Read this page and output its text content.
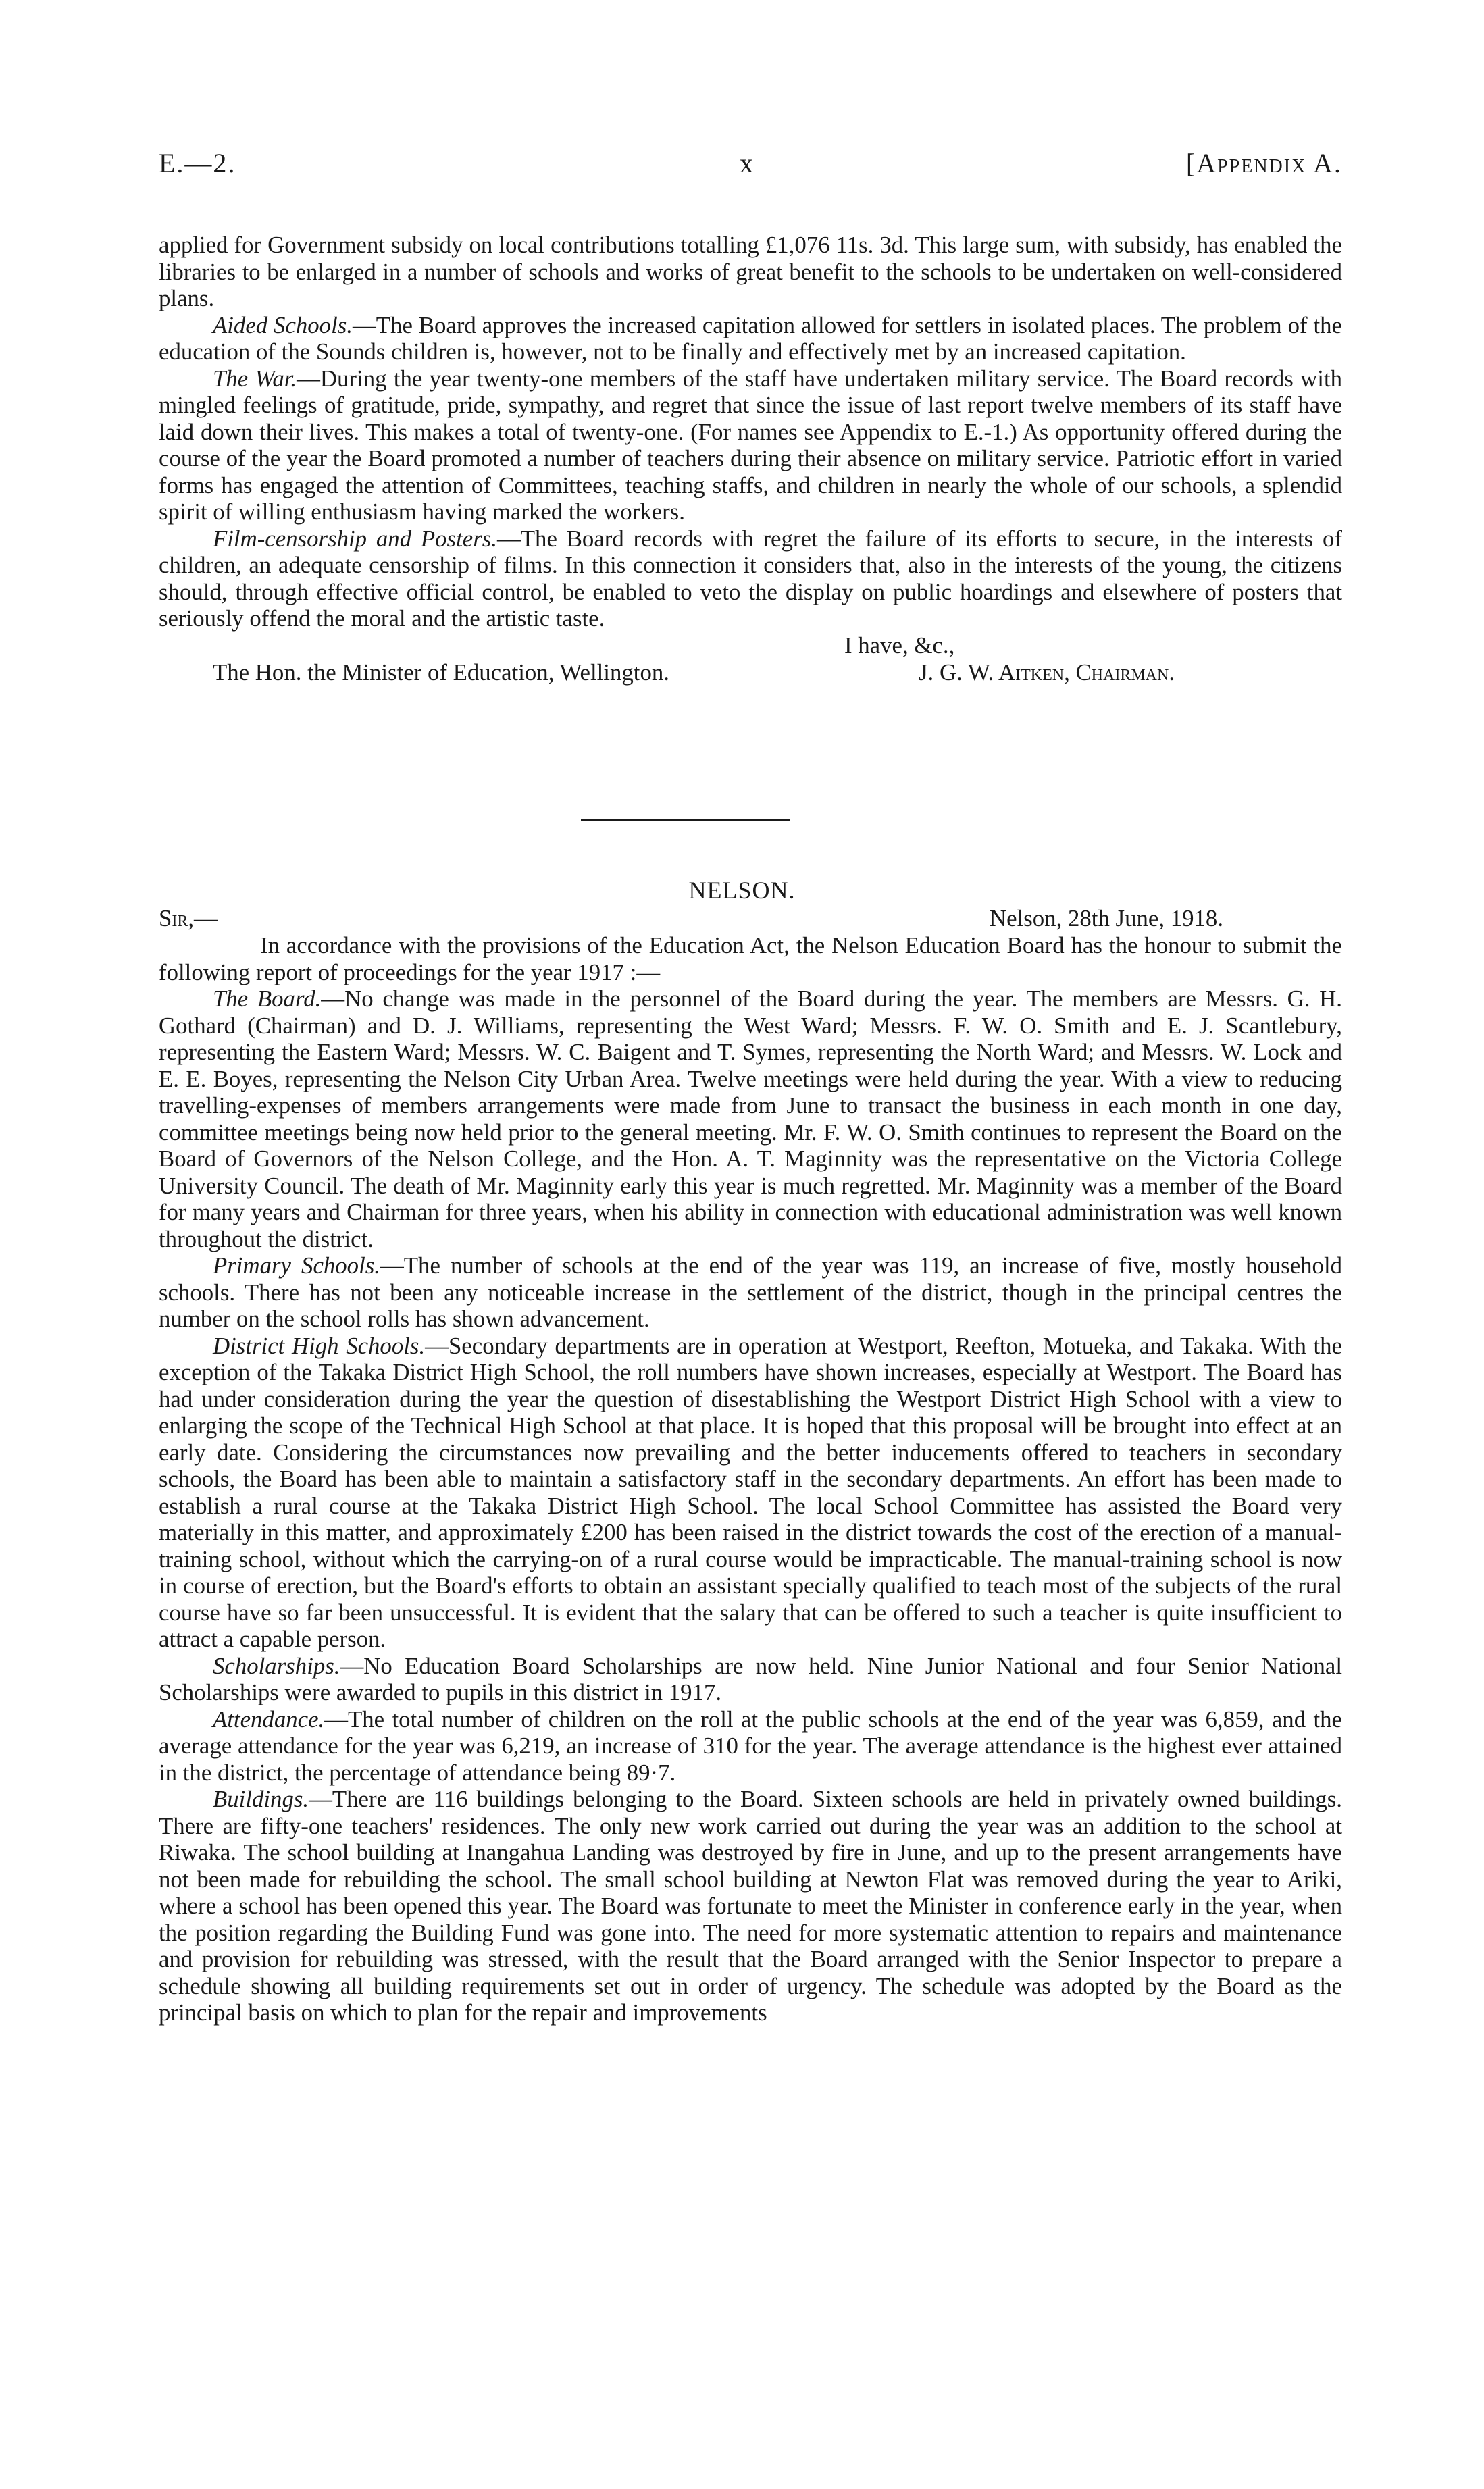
E.—2.	x	[Appendix A.

applied for Government subsidy on local contributions totalling £1,076 11s. 3d. This large sum, with subsidy, has enabled the libraries to be enlarged in a number of schools and works of great benefit to the schools to be undertaken on well-considered plans.

Aided Schools.—The Board approves the increased capitation allowed for settlers in isolated places. The problem of the education of the Sounds children is, however, not to be finally and effectively met by an increased capitation.

The War.—During the year twenty-one members of the staff have undertaken military service. The Board records with mingled feelings of gratitude, pride, sympathy, and regret that since the issue of last report twelve members of its staff have laid down their lives. This makes a total of twenty-one. (For names see Appendix to E.-1.) As opportunity offered during the course of the year the Board promoted a number of teachers during their absence on military service. Patriotic effort in varied forms has engaged the attention of Committees, teaching staffs, and children in nearly the whole of our schools, a splendid spirit of willing enthusiasm having marked the workers.

Film-censorship and Posters.—The Board records with regret the failure of its efforts to secure, in the interests of children, an adequate censorship of films. In this connection it considers that, also in the interests of the young, the citizens should, through effective official control, be enabled to veto the display on public hoardings and elsewhere of posters that seriously offend the moral and the artistic taste.

I have, &c.,
The Hon. the Minister of Education, Wellington.	J. G. W. Aitken, Chairman.
NELSON.
Sir,—	Nelson, 28th June, 1918.

In accordance with the provisions of the Education Act, the Nelson Education Board has the honour to submit the following report of proceedings for the year 1917 :—

The Board.—No change was made in the personnel of the Board during the year. The members are Messrs. G. H. Gothard (Chairman) and D. J. Williams, representing the West Ward; Messrs. F. W. O. Smith and E. J. Scantlebury, representing the Eastern Ward; Messrs. W. C. Baigent and T. Symes, representing the North Ward; and Messrs. W. Lock and E. E. Boyes, representing the Nelson City Urban Area. Twelve meetings were held during the year. With a view to reducing travelling-expenses of members arrangements were made from June to transact the business in each month in one day, committee meetings being now held prior to the general meeting. Mr. F. W. O. Smith continues to represent the Board on the Board of Governors of the Nelson College, and the Hon. A. T. Maginnity was the representative on the Victoria College University Council. The death of Mr. Maginnity early this year is much regretted. Mr. Maginnity was a member of the Board for many years and Chairman for three years, when his ability in connection with educational administration was well known throughout the district.

Primary Schools.—The number of schools at the end of the year was 119, an increase of five, mostly household schools. There has not been any noticeable increase in the settlement of the district, though in the principal centres the number on the school rolls has shown advancement.

District High Schools.—Secondary departments are in operation at Westport, Reefton, Motueka, and Takaka. With the exception of the Takaka District High School, the roll numbers have shown increases, especially at Westport. The Board has had under consideration during the year the question of disestablishing the Westport District High School with a view to enlarging the scope of the Technical High School at that place. It is hoped that this proposal will be brought into effect at an early date. Considering the circumstances now prevailing and the better inducements offered to teachers in secondary schools, the Board has been able to maintain a satisfactory staff in the secondary departments. An effort has been made to establish a rural course at the Takaka District High School. The local School Committee has assisted the Board very materially in this matter, and approximately £200 has been raised in the district towards the cost of the erection of a manual-training school, without which the carrying-on of a rural course would be impracticable. The manual-training school is now in course of erection, but the Board's efforts to obtain an assistant specially qualified to teach most of the subjects of the rural course have so far been unsuccessful. It is evident that the salary that can be offered to such a teacher is quite insufficient to attract a capable person.

Scholarships.—No Education Board Scholarships are now held. Nine Junior National and four Senior National Scholarships were awarded to pupils in this district in 1917.

Attendance.—The total number of children on the roll at the public schools at the end of the year was 6,859, and the average attendance for the year was 6,219, an increase of 310 for the year. The average attendance is the highest ever attained in the district, the percentage of attendance being 89·7.

Buildings.—There are 116 buildings belonging to the Board. Sixteen schools are held in privately owned buildings. There are fifty-one teachers' residences. The only new work carried out during the year was an addition to the school at Riwaka. The school building at Inangahua Landing was destroyed by fire in June, and up to the present arrangements have not been made for rebuilding the school. The small school building at Newton Flat was removed during the year to Ariki, where a school has been opened this year. The Board was fortunate to meet the Minister in conference early in the year, when the position regarding the Building Fund was gone into. The need for more systematic attention to repairs and maintenance and provision for rebuilding was stressed, with the result that the Board arranged with the Senior Inspector to prepare a schedule showing all building requirements set out in order of urgency. The schedule was adopted by the Board as the principal basis on which to plan for the repair and improvements
